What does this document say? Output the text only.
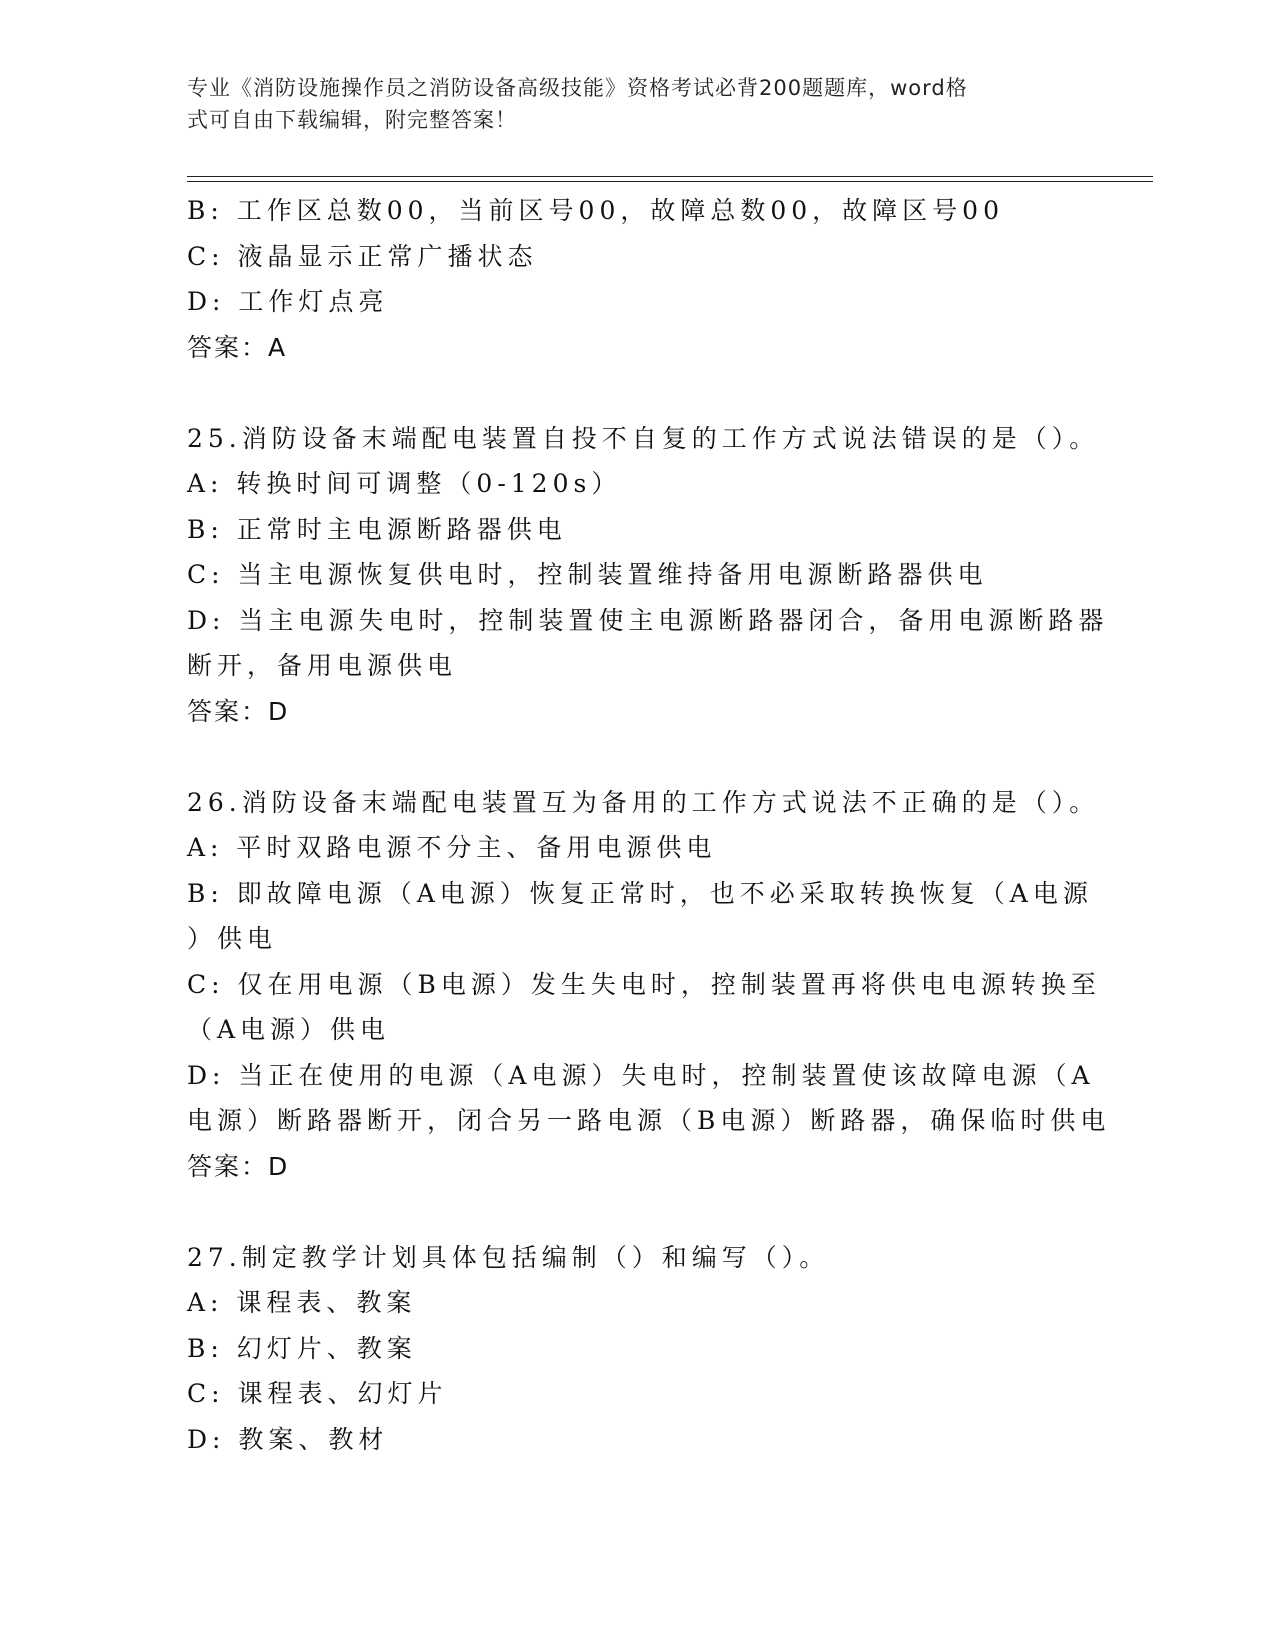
专业《消防设施操作员之消防设备高级技能》资格考试必背200题题库，word格
式可自由下载编辑，附完整答案！
B: 工作区总数00，当前区号00，故障总数00，故障区号00
C: 液晶显示正常广播状态
D: 工作灯点亮
答案：A
25.消防设备末端配电装置自投不自复的工作方式说法错误的是（）。
A: 转换时间可调整（0-120s）
B: 正常时主电源断路器供电
C: 当主电源恢复供电时，控制装置维持备用电源断路器供电
D: 当主电源失电时，控制装置使主电源断路器闭合，备用电源断路器
断开，备用电源供电
答案：D
26.消防设备末端配电装置互为备用的工作方式说法不正确的是（）。
A: 平时双路电源不分主、备用电源供电
B: 即故障电源（A电源）恢复正常时，也不必采取转换恢复（A电源
）供电
C: 仅在用电源（B电源）发生失电时，控制装置再将供电电源转换至
（A电源）供电
D: 当正在使用的电源（A电源）失电时，控制装置使该故障电源（A
电源）断路器断开，闭合另一路电源（B电源）断路器，确保临时供电
答案：D
27.制定教学计划具体包括编制（）和编写（）。
A: 课程表、教案
B: 幻灯片、教案
C: 课程表、幻灯片
D: 教案、教材
